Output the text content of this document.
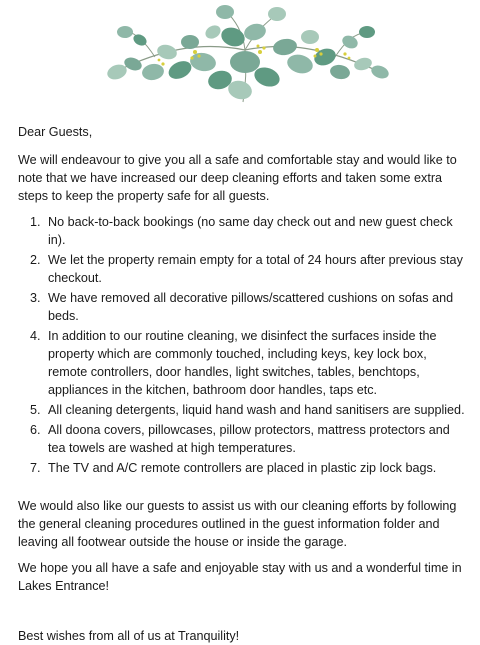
Dear Guests,

We will endeavour to give you all a safe and comfortable stay and would like to note that we have increased our deep cleaning efforts and taken some extra steps to keep the property safe for all guests.

1. No back-to-back bookings (no same day check out and new guest check in).
2. We let the property remain empty for a total of 24 hours after previous stay checkout.
3. We have removed all decorative pillows/scattered cushions on sofas and beds.
4. In addition to our routine cleaning, we disinfect the surfaces inside the property which are commonly touched, including keys, key lock box, remote controllers, door handles, light switches, tables, benchtops, appliances in the kitchen, bathroom door handles, taps etc.
5. All cleaning detergents, liquid hand wash and hand sanitisers are supplied.
6. All doona covers, pillowcases, pillow protectors, mattress protectors and tea towels are washed at high temperatures.
7. The TV and A/C remote controllers are placed in plastic zip lock bags.

We would also like our guests to assist us with our cleaning efforts by following the general cleaning procedures outlined in the guest information folder and leaving all footwear outside the house or inside the garage.

We hope you all have a safe and enjoyable stay with us and a wonderful time in Lakes Entrance!

Best wishes from all of us at Tranquility!
